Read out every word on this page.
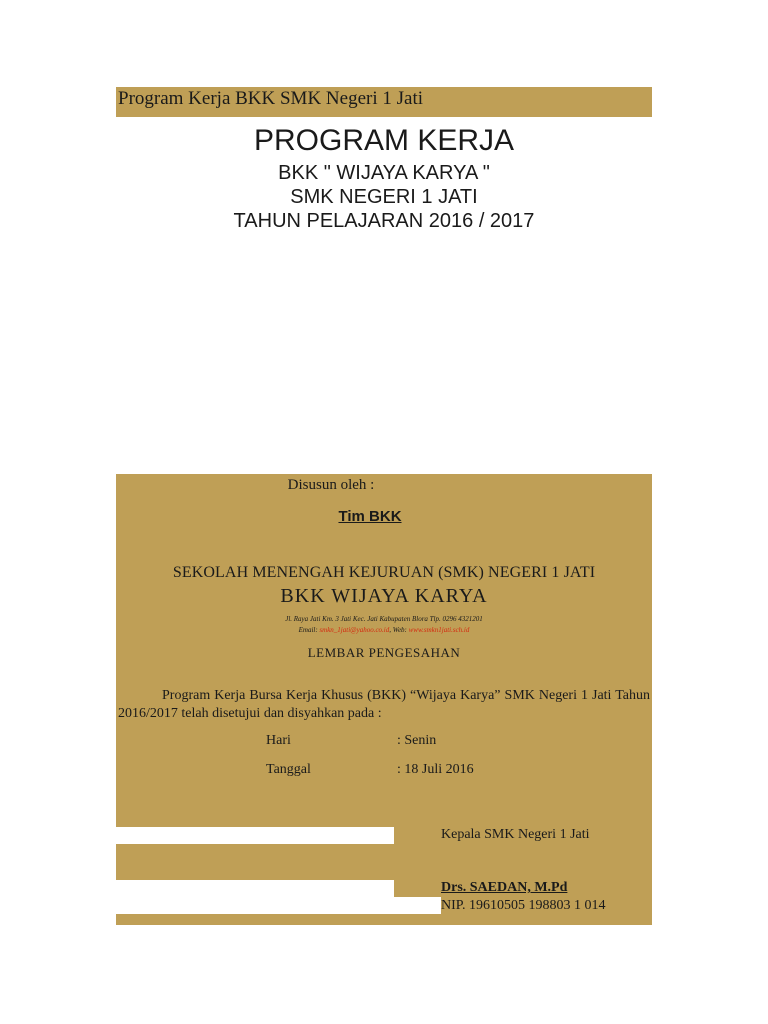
Program Kerja BKK SMK Negeri 1 Jati
PROGRAM KERJA
BKK " WIJAYA KARYA "
SMK NEGERI 1 JATI
TAHUN PELAJARAN 2016 / 2017
Disusun oleh :
Tim BKK
SEKOLAH MENENGAH KEJURUAN (SMK) NEGERI 1 JATI
BKK WIJAYA KARYA
Jl. Raya Jati Km. 3 Jati Kec. Jati Kabupaten Blora Tlp. 0296 4321201
Email: smkn_1jati@yahoo.co.id, Web: www.smkn1jati.sch.id
LEMBAR PENGESAHAN
Program Kerja Bursa Kerja Khusus (BKK) “Wijaya Karya” SMK Negeri 1 Jati Tahun 2016/2017 telah disetujui dan disyahkan pada :
Hari	: Senin
Tanggal	: 18 Juli 2016
Kepala SMK Negeri 1 Jati
Drs. SAEDAN, M.Pd
NIP. 19610505 198803 1 014
